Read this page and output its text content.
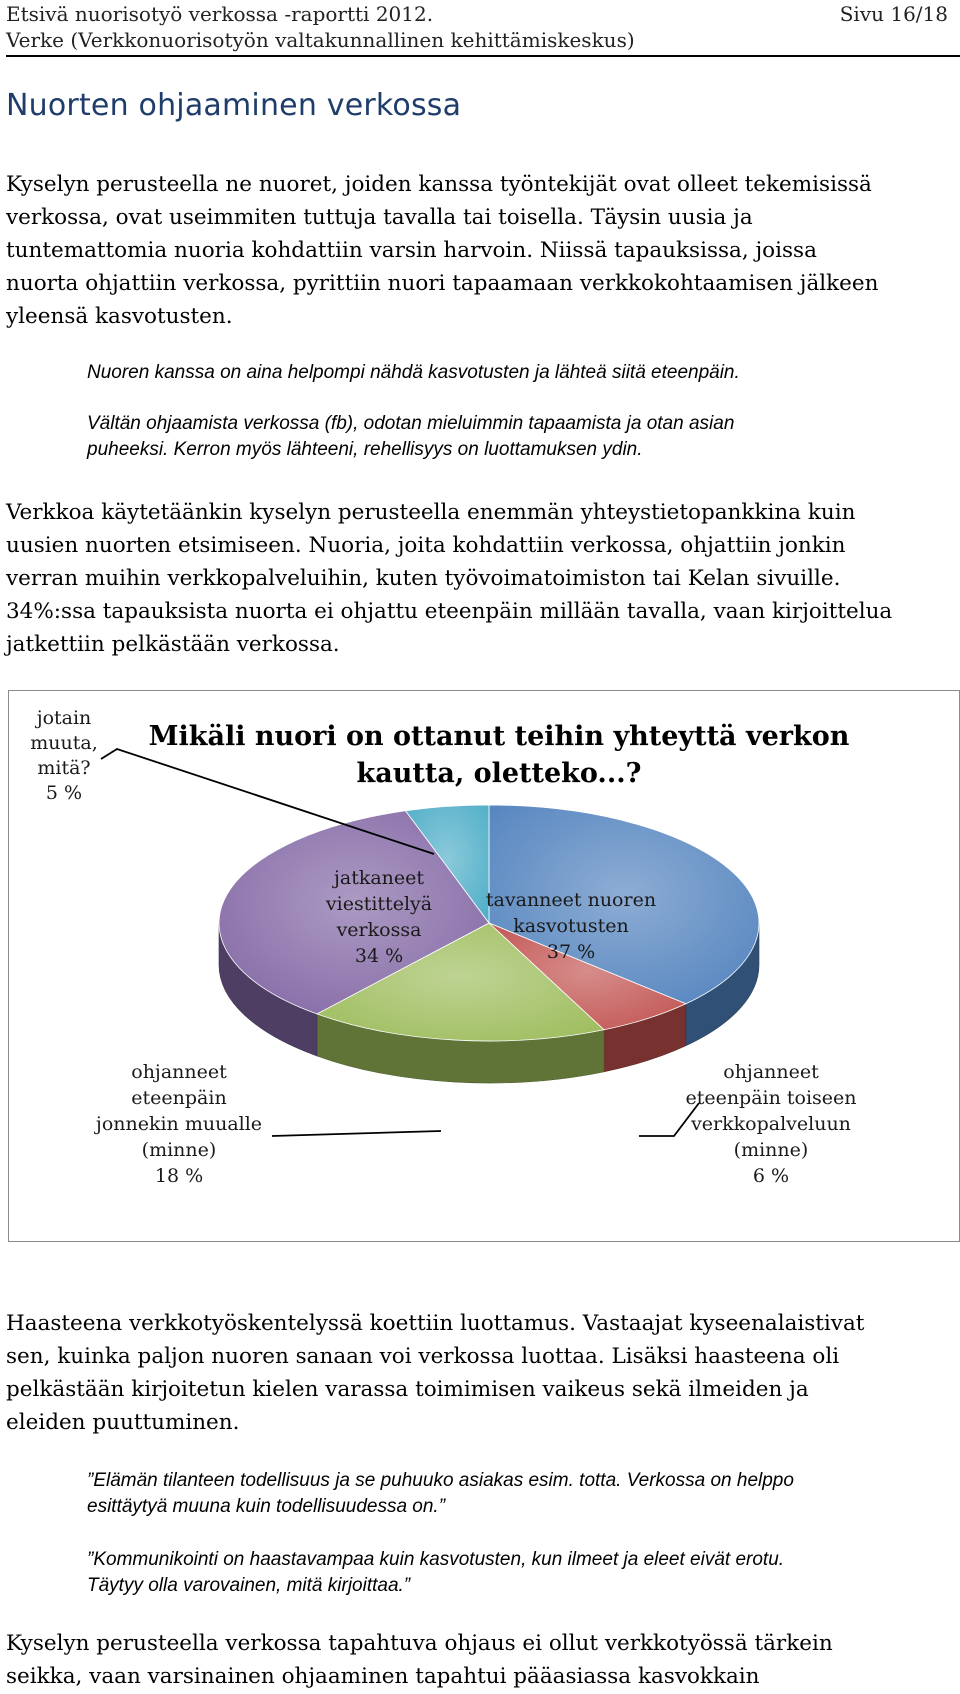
Etsivä nuorisotyö verkossa -raportti 2012.	Sivu 16/18
Verke (Verkkonuorisotyön valtakunnallinen kehittämiskeskus)
Nuorten ohjaaminen verkossa
Kyselyn perusteella ne nuoret, joiden kanssa työntekijät ovat olleet tekemisissä
verkossa, ovat useimmiten tuttuja tavalla tai toisella. Täysin uusia ja
tuntemattomia nuoria kohdattiin varsin harvoin. Niissä tapauksissa, joissa
nuorta ohjattiin verkossa, pyrittiin nuori tapaamaan verkkokohtaamisen jälkeen
yleensä kasvotusten.
Nuoren kanssa on aina helpompi nähdä kasvotusten ja lähteä siitä eteenpäin.
Vältän ohjaamista verkossa (fb), odotan mieluimmin tapaamista ja otan asian
puheeksi. Kerron myös lähteeni, rehellisyys on luottamuksen ydin.
Verkkoa käytetäänkin kyselyn perusteella enemmän yhteystietopankkina kuin
uusien nuorten etsimiseen. Nuoria, joita kohdattiin verkossa, ohjattiin jonkin
verran muihin verkkopalveluihin, kuten työvoimatoimiston tai Kelan sivuille.
34%:ssa tapauksista nuorta ei ohjattu eteenpäin millään tavalla, vaan kirjoittelua
jatkettiin pelkästään verkossa.
Mikäli nuori on ottanut teihin yhteyttä verkon
kautta, oletteko...?
tavanneet nuoren
kasvotusten
37 %
ohjanneet
eteenpäin toiseen
verkkopalveluun
(minne)
6 %
ohjanneet
eteenpäin
jonnekin muualle
(minne)
18 %
jatkaneet
viestittelyä
verkossa
34 %
jotain
muuta,
mitä?
5 %
Haasteena verkkotyöskentelyssä koettiin luottamus. Vastaajat kyseenalaistivat
sen, kuinka paljon nuoren sanaan voi verkossa luottaa. Lisäksi haasteena oli
pelkästään kirjoitetun kielen varassa toimimisen vaikeus sekä ilmeiden ja
eleiden puuttuminen.
”Elämän tilanteen todellisuus ja se puhuuko asiakas esim. totta. Verkossa on helppo
esittäytyä muuna kuin todellisuudessa on.”
”Kommunikointi on haastavampaa kuin kasvotusten, kun ilmeet ja eleet eivät erotu.
Täytyy olla varovainen, mitä kirjoittaa.”
Kyselyn perusteella verkossa tapahtuva ohjaus ei ollut verkkotyössä tärkein
seikka, vaan varsinainen ohjaaminen tapahtui pääasiassa kasvokkain
